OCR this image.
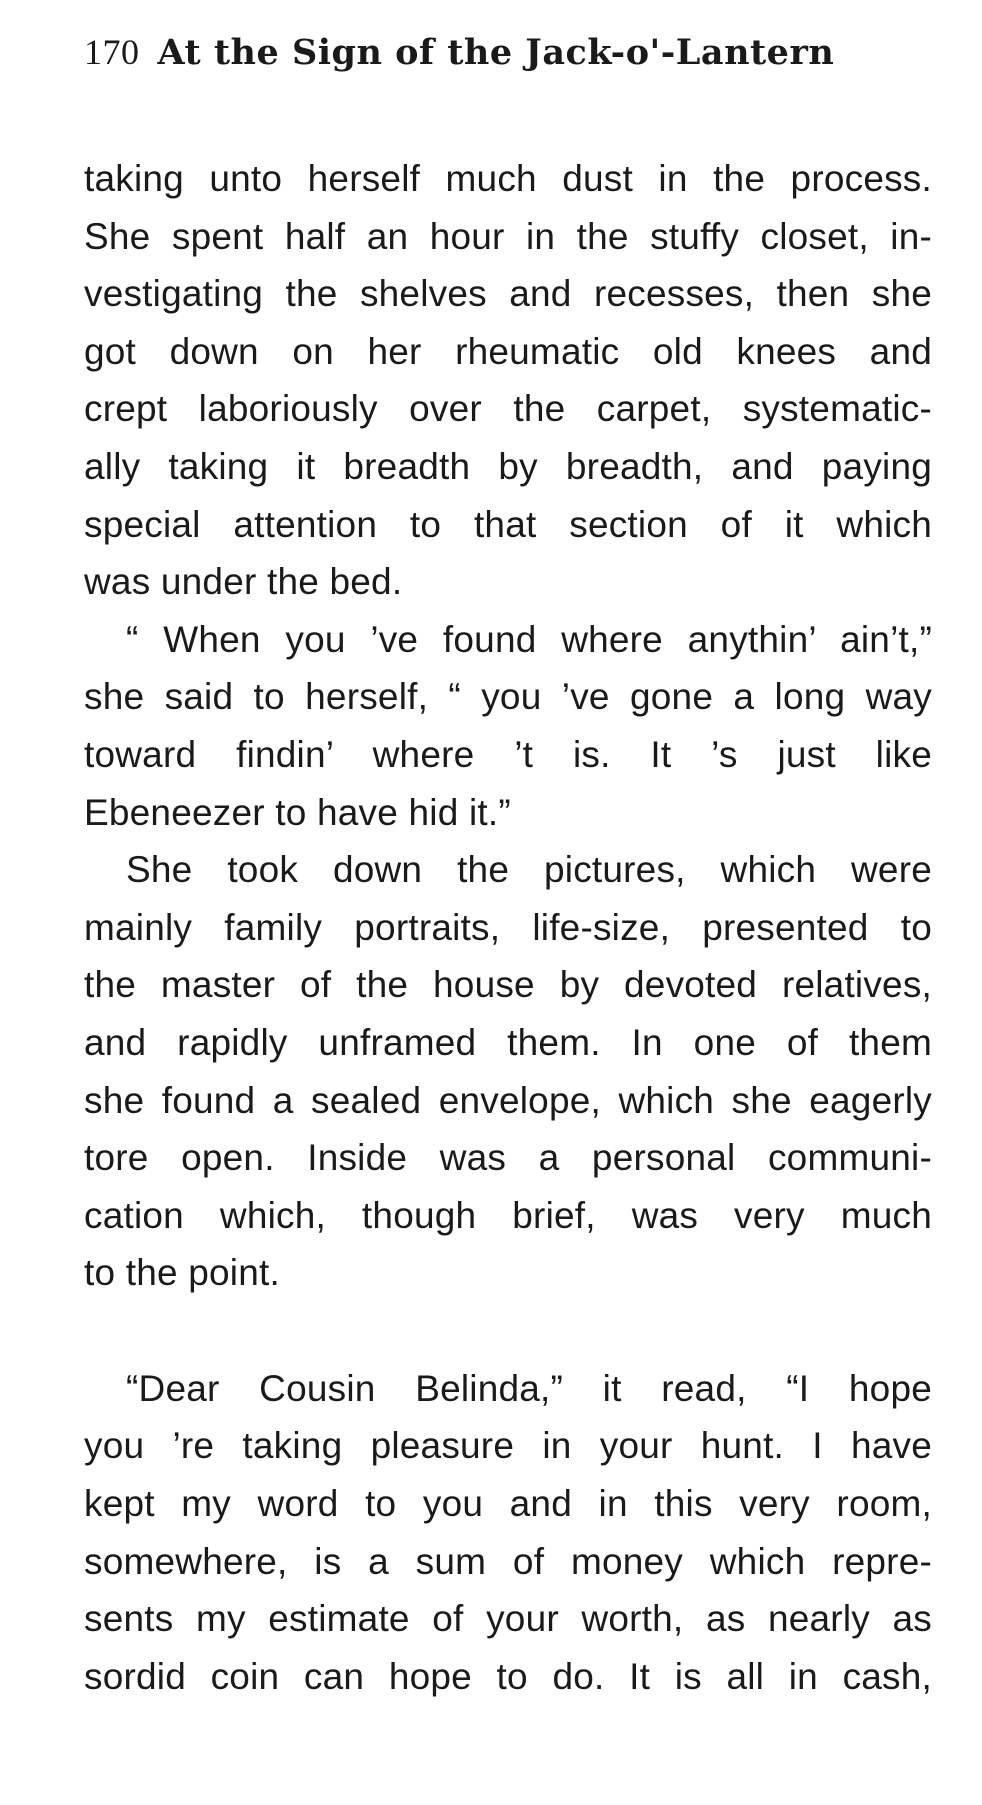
170 At the Sign of the Jack-o'-Lantern
taking unto herself much dust in the process.
She spent half an hour in the stuffy closet, in-
vestigating the shelves and recesses, then she
got down on her rheumatic old knees and
crept laboriously over the carpet, systematic-
ally taking it breadth by breadth, and paying
special attention to that section of it which
was under the bed.
“ When you ’ve found where anythin’ ain’t,”
she said to herself, “ you ’ve gone a long way
toward findin’ where ’t is. It ’s just like
Ebeneezer to have hid it.”
She took down the pictures, which were
mainly family portraits, life-size, presented to
the master of the house by devoted relatives,
and rapidly unframed them. In one of them
she found a sealed envelope, which she eagerly
tore open. Inside was a personal communi-
cation which, though brief, was very much
to the point.
“Dear Cousin Belinda,” it read, “I hope
you ’re taking pleasure in your hunt. I have
kept my word to you and in this very room,
somewhere, is a sum of money which repre-
sents my estimate of your worth, as nearly as
sordid coin can hope to do. It is all in cash,
